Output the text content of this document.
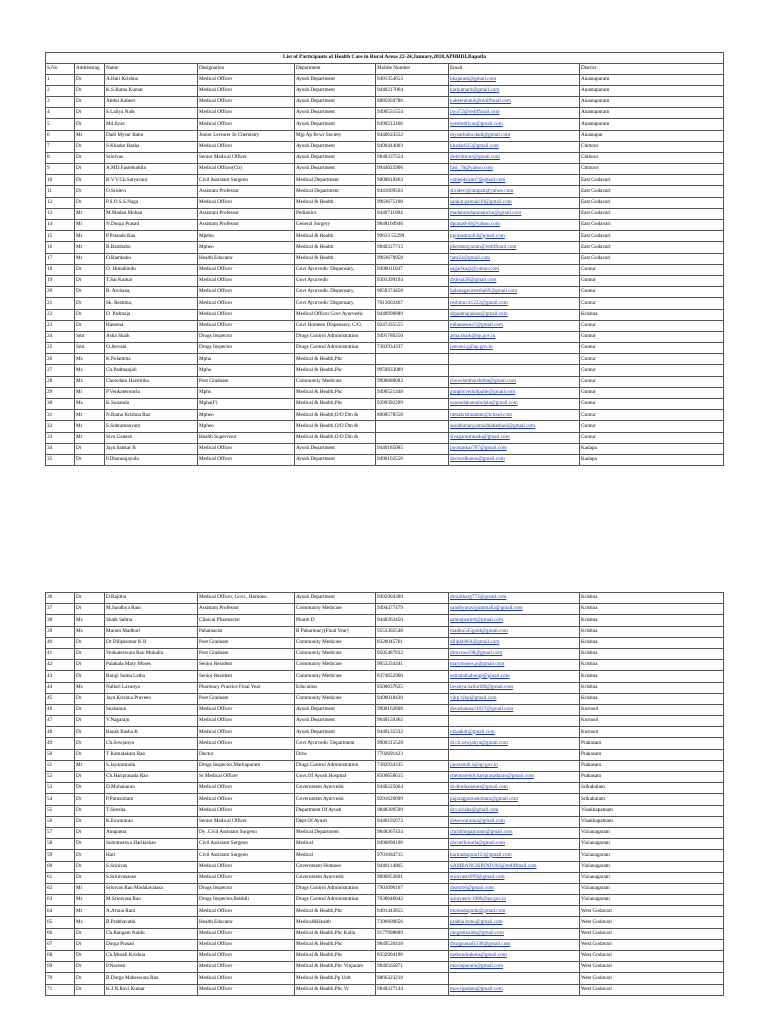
List of Participants of Health Care in Rural Areas 22-24,January,2018,APHRDI,Bapatla							
S.No	Addressing	Name	Designation	Department	Mobile Number	Email	District
1	Dr	A.Hari Krishna	Medical Officer	Ayush Department	9491354653	hkajaram@gmail.com	Anantapuram
2	Dr	K.S.Rama Kumar	Medical Officer	Ayush Department	9440217064	karkumard@gmail.com	Anantapuram
3	Dr	Abdul Kabeer	Medical Officer	Ayush Department	8885950786	kabeerabdul@rediffmail.com	Anantapuram
4	Dr	S.Laliya Naik	Medical Officer	Ayush Department	9490531554	laya72@rediffmail.com	Anantapuram
5	Dr	Md.Ilyas	Medical Officer	Ayush Department	9490212466	syedmdilyas@gmail.com	Anantapuram
6	Mr	Dadi Mysur Babu	Junior Lecturer In Chemistry	Mjp Ap Bcwr Society	9440624352	mysurbabu.dadi@gmail.com	Anantapur
7	Dr	S.Khadar Basha	Medical Officer	Ayush Department	9490444003	khadar825@gmail.com	Chittoor
8	Dr	Srinivas	Senior Medical Officer	Ayush Department	9848337554	drdchittoor@gmail.com	Chittoor
9	Dr	A.MD.Fasiebuddin	Medical Officer(Cb)	Ayush Department	9944025906	fasi_70@yahoo.com	Chittoor
10	Dr	B.V.V.Ch.Satyavani	Civil Assistant Surgeon	Medical Department	9000818463	vaniephraim7@gmail.com	East Godavari
11	Dr	O.Sridevi	Assistant Professor	Medical Department	9441609563	shridevi@arapati@yahoo.com	East Godavari
12	Dr	P.S.O.S.S.Naga	Medical Officer	Medical & Health	9963675108	sankar.pamaki10@gmail.com	East Godavari
13	Mr	M.Madan Mohan	Assistant Professor	Pediatrics	9440711084	madanmohanmanchu@gmail.com	East Godavari
14	Mr	N.Durga Prasad	Assistant Professor	General Surgery	9848160946	dprasad-dr@yahoo.com	East Godavari
15	Mr	P.Prasada Rao	Mpeho	Medical & Health	99633 55299	pprasadrao63@gmail.com	East Godavari
16	Mr	R.Rambabu	Mpheo	Medical & Health	9848327713	pheramayaram@rediffmail.com	East Godavari
17	Mr	O.Rambabu	Health Educator	Medical & Health	9963678958	ram22@gmail.com	East Godavari
18	Dr	O. Himabindu	Medical Officer	Govt Ayurvedic Dispensary,	9490011047	sagarikagi@yahoo.com	Guntur
19	Dr	T.Sai Kumar	Medical Officer	Govt Ayurvedic	9391399194	drdrsai28@gmail.com	Guntur
20	Dr	R. Archana,	Medical Officer	Govt Ayurvedic Dispensary,	9059374458	balanagasireesha69@gmail.com	Guntur
21	Dr	Sk. Reshma,	Medical Officer	Govt Ayurvedic Dispensary,	7013602467	reshma.r41222@gmail.com	Guntur
22	Dr	D. Padmaja	Medical Officer	Medical Officer Govt Ayurvedic	9440990889	drpadmajadass@gmail.com	Krishna
23	Dr	Hassena	Medical Officer	Govt Homeeo Dispensary, C/O,	9247435555	ndhasseena7@gmail.com	Guntur
24	Smt	Asha Shaik	Drugs Inspector	Drugs Control Administration	9491786250	asha.shaik@ap.gov.in	Guntur
25	Smt	O.Jeevani	Drugs Inspector	Drugs Control Administration	7382934337	jeevani.g@ap.gov.in	Guntur
26	Ms	K.Polamma	Mpha	Medical & Health,Phc			Guntur
27	Ms	Ch.Padmanjali	Mpha	Medical & Health,Phc	9959833989		Guntur
28	Ms	Chowdam Harshitha	Post Graduate	Community Medicine	9908880083	chowdamharshitha@gmail.com	Guntur
29	Mr	P.Venkateswarlu	Mphs	Medical & Health,Phc	9490521348	gunphcvedullpalle@gmail.com	Guntur
30	Ms	K.Sunanda	Mpha(F)	Medical & Health,Phc	9399392299	sunandakamalodala@gmail.com	Guntur
31	Mr	N.Rama Krishna Rao	Mpheo	Medical & Health,O/O Dm &	8008578558	ramakrishnamnr@icloud.com	Guntur
32	Mr	S.Subramanyam	Mpheo	Medical & Health,O/O Dm &		surabhmanyamsiddabathuni@gmail.com	Guntur
33	Mr	Siva Ganesh	Health Supervisor	Medical & Health,O/O Dm &		sivaganeshnadu@gmail.com	Guntur
34	Dr	Jaya Sankar B	Medical Officer	Ayush Department	9440185085	jayasankar707@gmail.com	Kadapa
35	Dr	P.Dhanunjayulu	Medical Officer	Ayush Department	9490102556	doctordhanus@gmail.com	Kadapa
36	Dr	D.Rajitha	Medical Officer, Govt., Homoeo	Ayush Department	9492904380	drrajitharg773@gmail.com	Krishna
37	Dr	M.Sandhya Rani	Assistant Professor	Community Medicine	9494477479	sandhyaravigummalla@gmail.com	Krishna
38	Ms	Shaik Salma	Clinical Pharmacist	Pharm D	9440263450	salmajustin6@gmail.com	Krishna
39	Ms	Maram Madhuri	Pahamacist	B Paharmacy(Final Year)	9553302548	madhu545gold@gmail.com	Krishna
40	Dr	Dr Dilipkumar K B	Post Graduate	Community Medicine	8328045761	dilipkb964@gmail.com	Krishna
41	Dr	Venkateswara Rao Mokalla	Post Graduate	Community Medicine	9505487832	drmvrao108@gmail.com	Krishna
42	Dr	Palakala Mary Moses	Senior Resident	Community Medicine	9052234341	marymoses.p@gmail.com	Krishna
43	Dr	Bungi Suma Latha	Senior Resident	Community Medicine	8374652960	sumalathabungi@gmail.com	Krishna
44	Ms	Nalluri Lavanya	Pharmacy Practice Final Year	Education	8500637625	lavanya.nalluri96@gmail.com	Krishna
45	Dr	Jaya Krishna Praveen	Post Graduate	Community Medicine	9490018430	vjkp.vjkp@gmail.com	Krishna
46	Dr	Sushanna	Medical Officer	Ayush Department	9908162808	drsushanna21827@gmail.com	Kurnool
47	Dr	V.Nagaraju	Medical Officer	Ayush Department	9640159362		Kurnool
48	Dr	Razak Basha K	Medical Officer	Ayush Department	9440135332	razaakdr@gmail.com	Kurnool
49	Dr	Ch.Sowjanya	Medical Officer	Govt Ayurvedic Department	9908315528	dr.ch.sowjanya@gmail.com	Prakasam
50	Dr	T Kamalakara Rao	Doctor	Dchs	7702691423		Prakasam
51	Mr	S.Jayaramudu	Drugs Inspector,Markapuram	Drugs Control Administration	7382934335	jayaramdi.s@ap.gov.in	Prakasam
52	Dr	Ch.Hariprasada Rao	Sr Medical Officer	Govt.Of Ayush Hospital	8500658615	chennareddyhariprasadarao@gmail.com	Prakasam
53	Dr	D.Mohanarao	Medical Officer	Government Ayurvedic	9440225064	dr.dmohanarao@gmail.com	Srikakulam
54	Dr	P.Purusottam	Medical Officer	Government Ayurvedic	9291626099	pajaragpurushottam@gmail.com	Srikakulam
55	Dr	T.Siresha	Medical Officer	Department Of Ayush	9848399599	dr.t.sirisha@gmail.com	Visakhapatnam
56	Dr	K.Eswararao	Senior Medical Officer	Dept Of Ayush	9440191673	drkeswararao@gmail.com	Visakhapatnam
57	Dr	Anupama	Dy .Civil Assistant Surgeon	Medical Department	9848367434	chchbhogapuram@gmail.com	Vizianagaram
58	Dr	Subramanya Harikishan	Civil Assistant Surgeon	Medical	9490890106	chcnellimarla@gmail.com	Vizianagaram
59	Dr	Hari	Civil Assistant Surgeon	Medical	9701684715	harinadugula123@gmail.com	Vizianagaram
60	Dr	S.Srinivas	Medical Officer	Government Homoeo	9440114065	SAMBANGISRINIVAS@rediffmail.com	Vizianagaram
61	Dr	S.Srinivasarao	Medical Officer	Government Ayurvedic	9000853801	srinivasrs999@gmail.com	Vizianagaram
62	Mr	Srinivas Rao Modalavalasa	Drugs Inspector	Drugs Control Administration	7901096167	dismrb6@gmail.com	Vizianagaram
63	Mr	M.Srinivasa Rao	Drugs Inspector,Bobbili	Drugs Control Administration	7036646042	srinivasm-1986@ap.gov.in	Vizianagaram
64	Mr	A.Aruna Rani	Medical Officer	Medical & Health,Phc	9491443855	momadugudu@gmail.com	West Godavari
65	Ms	B.Prabhavathi	Health Educator	Medical&Health	7396609656	prabha.bonu@gmail.com	West Godavari
66	Dr	Ch.Rangam Naidu	Medical Officer	Medical & Health,Phc Kalla	9177998889	rangamnaidu@gmail.com	West Godavari
67	Dr	Durga Prasad	Medical Officer	Medical & Health,Phc	9849520418	drrajprasad1138@gmail.com	West Godavari
68	Dr	Ch.Murali Krishna	Medical Officer	Medical & Health,Phc	8332904196	mekondrukota@gmail.com	West Godavari
69	Dr	P.Naveen	Medical Officer	Medical & Health,Phc Vinjaram	9849565871	movinparam@gmail.com	West Godavari
70	Dr	B.Durga Maheswara Rao	Medical Officer	Medical & Health,Pp Unit	9866323218		West Godavari
71	Dr	K.J.N.Ravi Kumar	Medical Officer	Medical & Health,Phc Vr	9848327144	mov.rgudam@gmail.com	West Godavari
